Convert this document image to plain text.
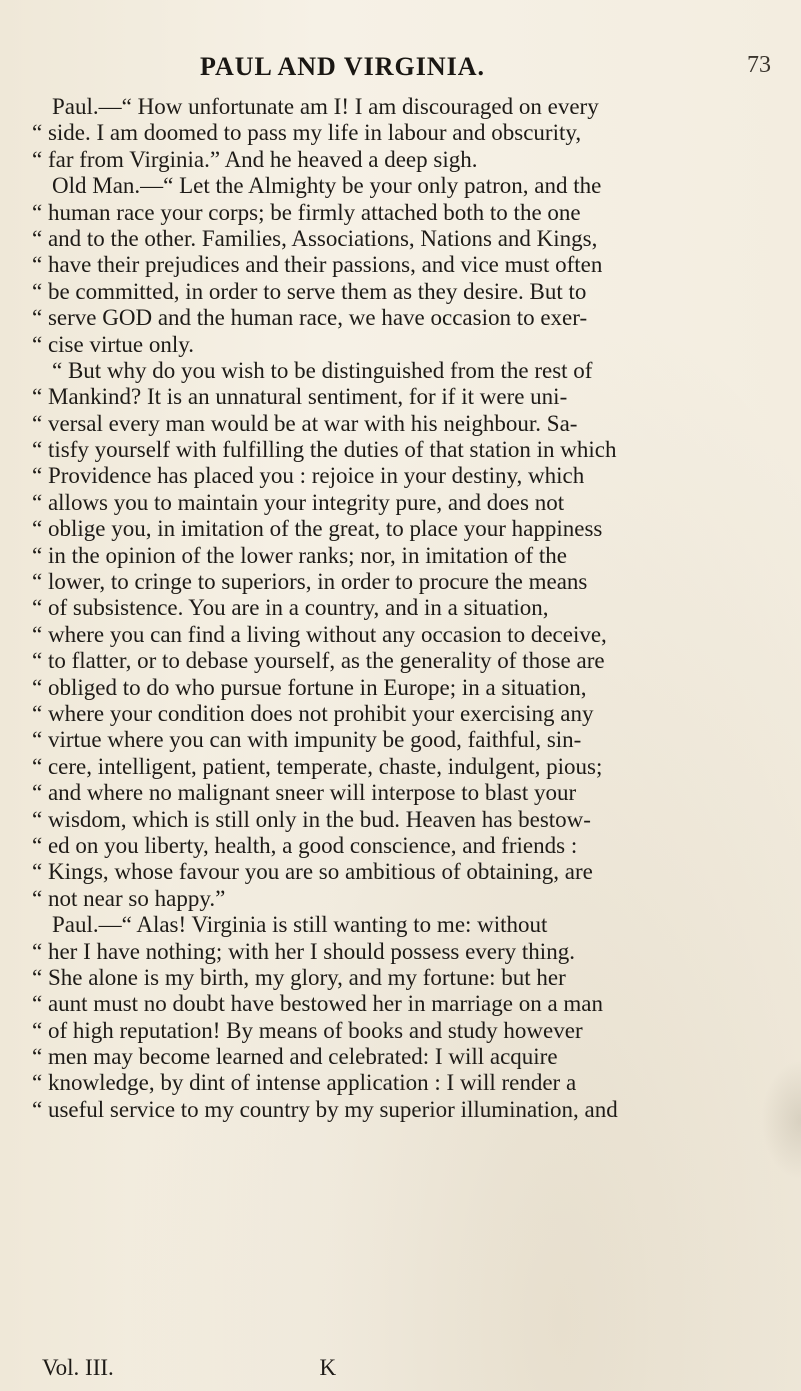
PAUL AND VIRGINIA.	73
Paul.—“ How unfortunate am I! I am discouraged on every
“ side. I am doomed to pass my life in labour and obscurity,
“ far from Virginia.” And he heaved a deep sigh.
Old Man.—“ Let the Almighty be your only patron, and the
“ human race your corps; be firmly attached both to the one
“ and to the other. Families, Associations, Nations and Kings,
“ have their prejudices and their passions, and vice must often
“ be committed, in order to serve them as they desire. But to
“ serve GOD and the human race, we have occasion to exer-
“ cise virtue only.
“ But why do you wish to be distinguished from the rest of
“ Mankind? It is an unnatural sentiment, for if it were uni-
“ versal every man would be at war with his neighbour. Sa-
“ tisfy yourself with fulfilling the duties of that station in which
“ Providence has placed you : rejoice in your destiny, which
“ allows you to maintain your integrity pure, and does not
“ oblige you, in imitation of the great, to place your happiness
“ in the opinion of the lower ranks; nor, in imitation of the
“ lower, to cringe to superiors, in order to procure the means
“ of subsistence. You are in a country, and in a situation,
“ where you can find a living without any occasion to deceive,
“ to flatter, or to debase yourself, as the generality of those are
“ obliged to do who pursue fortune in Europe; in a situation,
“ where your condition does not prohibit your exercising any
“ virtue where you can with impunity be good, faithful, sin-
“ cere, intelligent, patient, temperate, chaste, indulgent, pious;
“ and where no malignant sneer will interpose to blast your
“ wisdom, which is still only in the bud. Heaven has bestow-
“ ed on you liberty, health, a good conscience, and friends :
“ Kings, whose favour you are so ambitious of obtaining, are
“ not near so happy.”
Paul.—“ Alas! Virginia is still wanting to me: without
“ her I have nothing; with her I should possess every thing.
“ She alone is my birth, my glory, and my fortune: but her
“ aunt must no doubt have bestowed her in marriage on a man
“ of high reputation! By means of books and study however
“ men may become learned and celebrated: I will acquire
“ knowledge, by dint of intense application : I will render a
“ useful service to my country by my superior illumination, and
Vol. III.	K
